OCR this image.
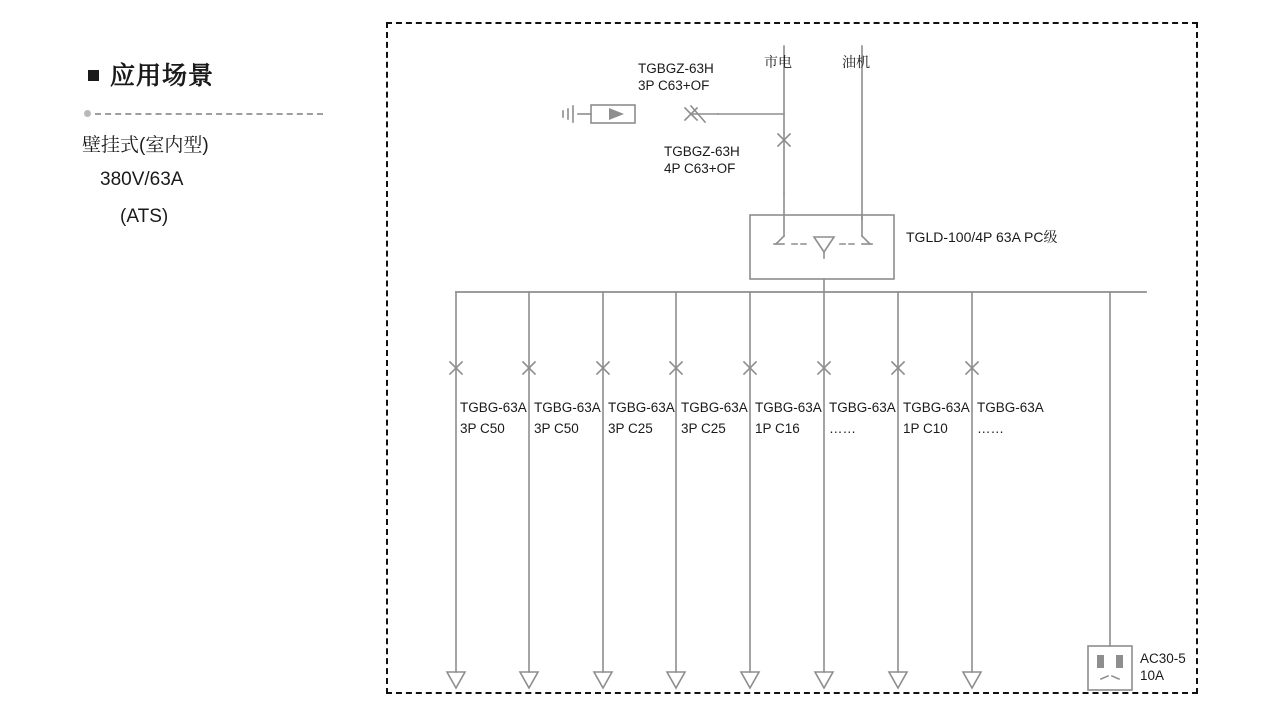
应用场景
壁挂式(室内型)
380V/63A
(ATS)
市电	油机
TGBGZ-63H
3P C63+OF
TGBGZ-63H
4P C63+OF
TGLD-100/4P 63A PC级
TGBG-63A
3P C50
TGBG-63A
3P C50
TGBG-63A
3P C25
TGBG-63A
3P C25
TGBG-63A
1P C16
TGBG-63A
……
TGBG-63A
1P C10
TGBG-63A
……
AC30-5
10A
